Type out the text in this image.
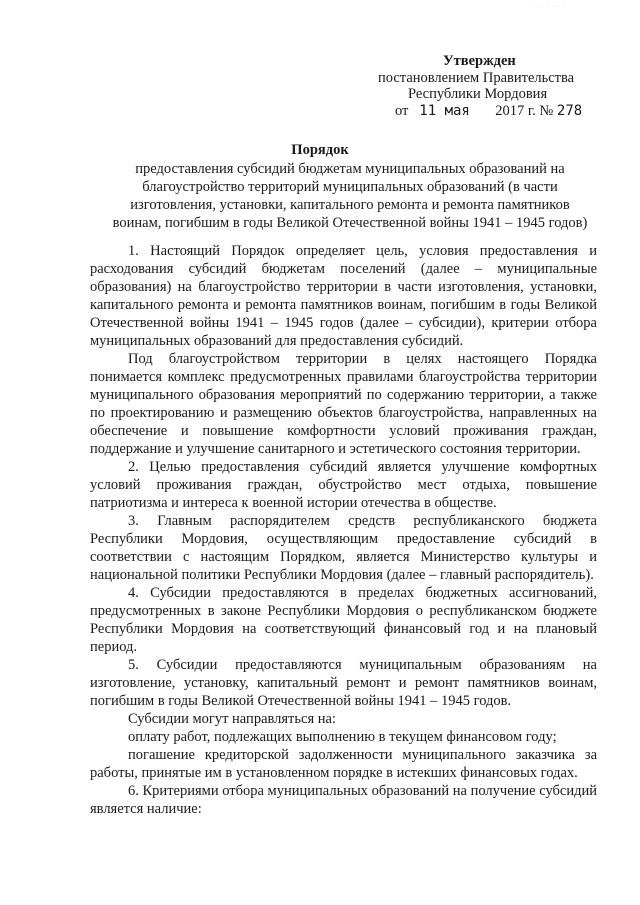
· · · · · ·
Утвержден
постановлением Правительства
Республики Мордовия
от 11 мая 2017 г. № 278
Порядок
предоставления субсидий бюджетам муниципальных образований на благоустройство территорий муниципальных образований (в части изготовления, установки, капитального ремонта и ремонта памятников воинам, погибшим в годы Великой Отечественной войны 1941 – 1945 годов)

1. Настоящий Порядок определяет цель, условия предоставления и расходования субсидий бюджетам поселений (далее – муниципальные образования) на благоустройство территории в части изготовления, установки, капитального ремонта и ремонта памятников воинам, погибшим в годы Великой Отечественной войны 1941 – 1945 годов (далее – субсидии), критерии отбора муниципальных образований для предоставления субсидий.

Под благоустройством территории в целях настоящего Порядка понимается комплекс предусмотренных правилами благоустройства территории муниципального образования мероприятий по содержанию территории, а также по проектированию и размещению объектов благоустройства, направленных на обеспечение и повышение комфортности условий проживания граждан, поддержание и улучшение санитарного и эстетического состояния территории.

2. Целью предоставления субсидий является улучшение комфортных условий проживания граждан, обустройство мест отдыха, повышение патриотизма и интереса к военной истории отечества в обществе.

3. Главным распорядителем средств республиканского бюджета Республики Мордовия, осуществляющим предоставление субсидий в соответствии с настоящим Порядком, является Министерство культуры и национальной политики Республики Мордовия (далее – главный распорядитель).

4. Субсидии предоставляются в пределах бюджетных ассигнований, предусмотренных в законе Республики Мордовия о республиканском бюджете Республики Мордовия на соответствующий финансовый год и на плановый период.

5. Субсидии предоставляются муниципальным образованиям на изготовление, установку, капитальный ремонт и ремонт памятников воинам, погибшим в годы Великой Отечественной войны 1941 – 1945 годов.

Субсидии могут направляться на:

оплату работ, подлежащих выполнению в текущем финансовом году;

погашение кредиторской задолженности муниципального заказчика за работы, принятые им в установленном порядке в истекших финансовых годах.

6. Критериями отбора муниципальных образований на получение субсидий является наличие:
